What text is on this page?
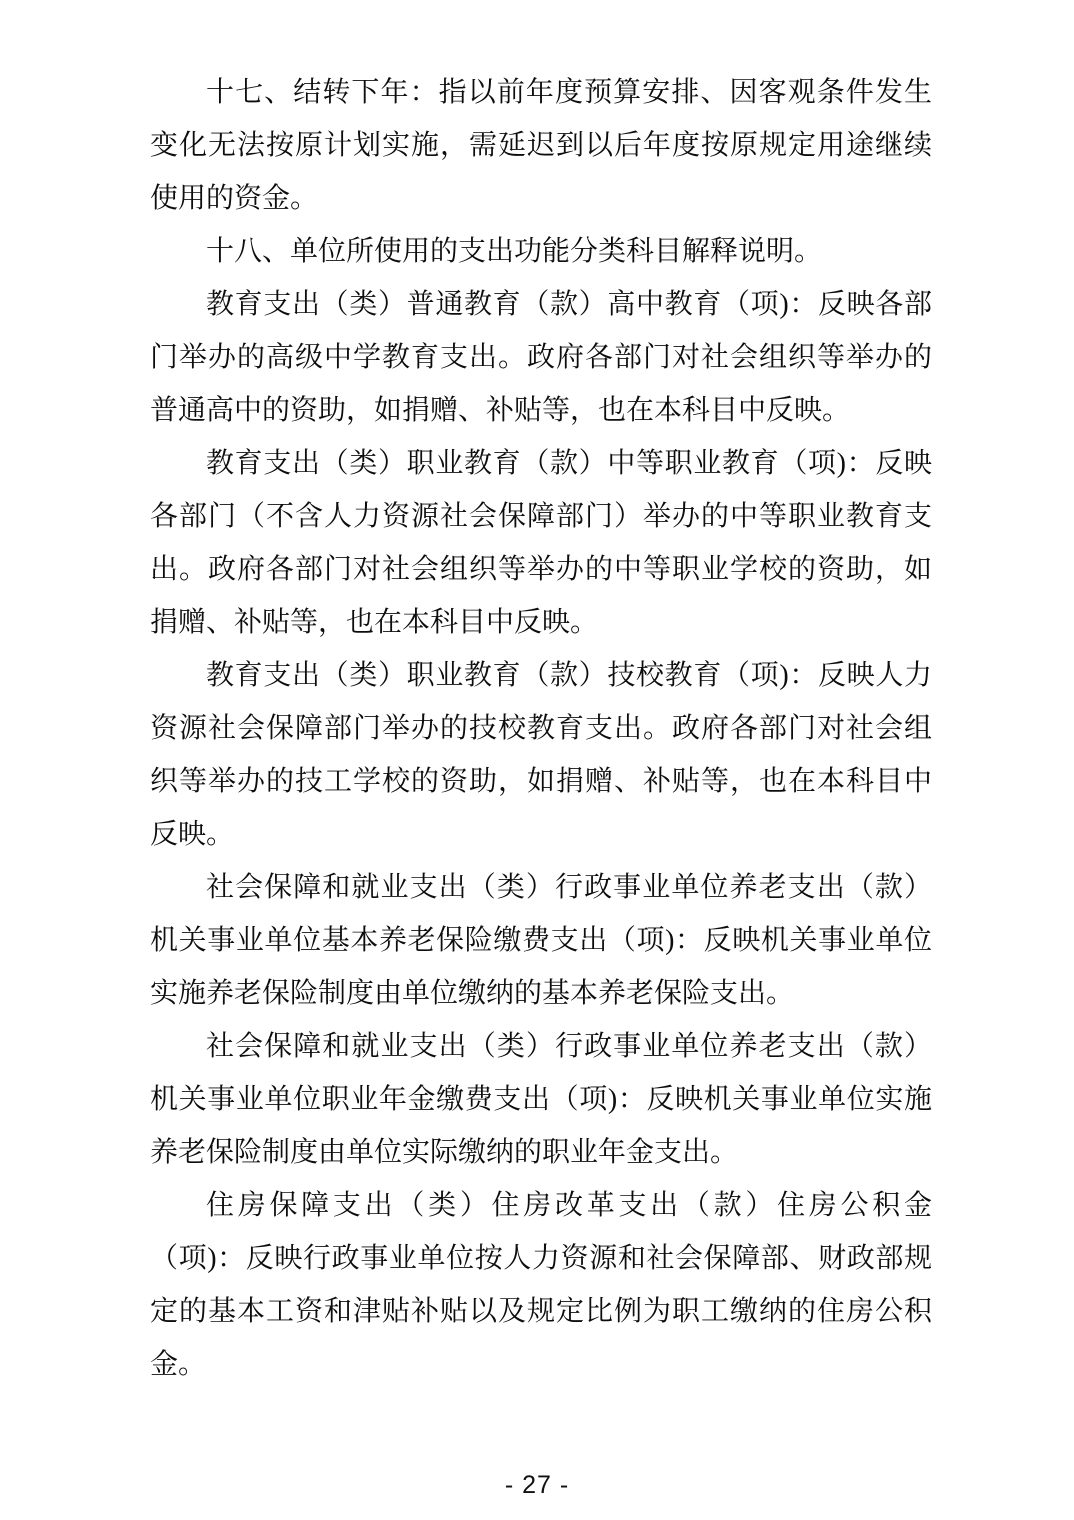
十七、结转下年：指以前年度预算安排、因客观条件发生变化无法按原计划实施，需延迟到以后年度按原规定用途继续使用的资金。

十八、单位所使用的支出功能分类科目解释说明。

教育支出（类）普通教育（款）高中教育（项)：反映各部门举办的高级中学教育支出。政府各部门对社会组织等举办的普通高中的资助，如捐赠、补贴等，也在本科目中反映。

教育支出（类）职业教育（款）中等职业教育（项)：反映各部门（不含人力资源社会保障部门）举办的中等职业教育支出。政府各部门对社会组织等举办的中等职业学校的资助，如捐赠、补贴等，也在本科目中反映。

教育支出（类）职业教育（款）技校教育（项)：反映人力资源社会保障部门举办的技校教育支出。政府各部门对社会组织等举办的技工学校的资助，如捐赠、补贴等，也在本科目中反映。

社会保障和就业支出（类）行政事业单位养老支出（款）机关事业单位基本养老保险缴费支出（项)：反映机关事业单位实施养老保险制度由单位缴纳的基本养老保险支出。

社会保障和就业支出（类）行政事业单位养老支出（款）机关事业单位职业年金缴费支出（项)：反映机关事业单位实施养老保险制度由单位实际缴纳的职业年金支出。

住房保障支出（类）住房改革支出（款）住房公积金（项)：反映行政事业单位按人力资源和社会保障部、财政部规定的基本工资和津贴补贴以及规定比例为职工缴纳的住房公积金。

- 27 -
